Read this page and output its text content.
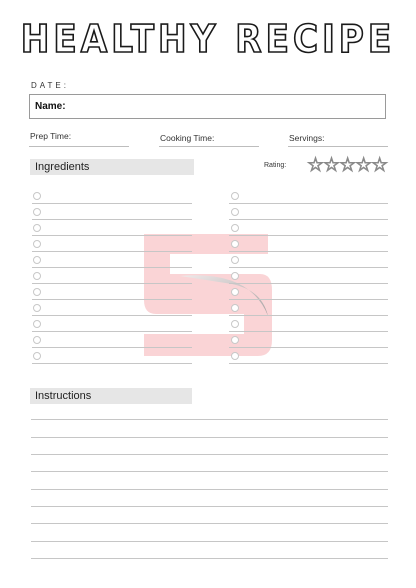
HEALTHY RECIPE
DATE:
Name:
Prep Time:	Cooking Time:	Servings:
Ingredients	Rating: ☆☆☆☆☆
Instructions
